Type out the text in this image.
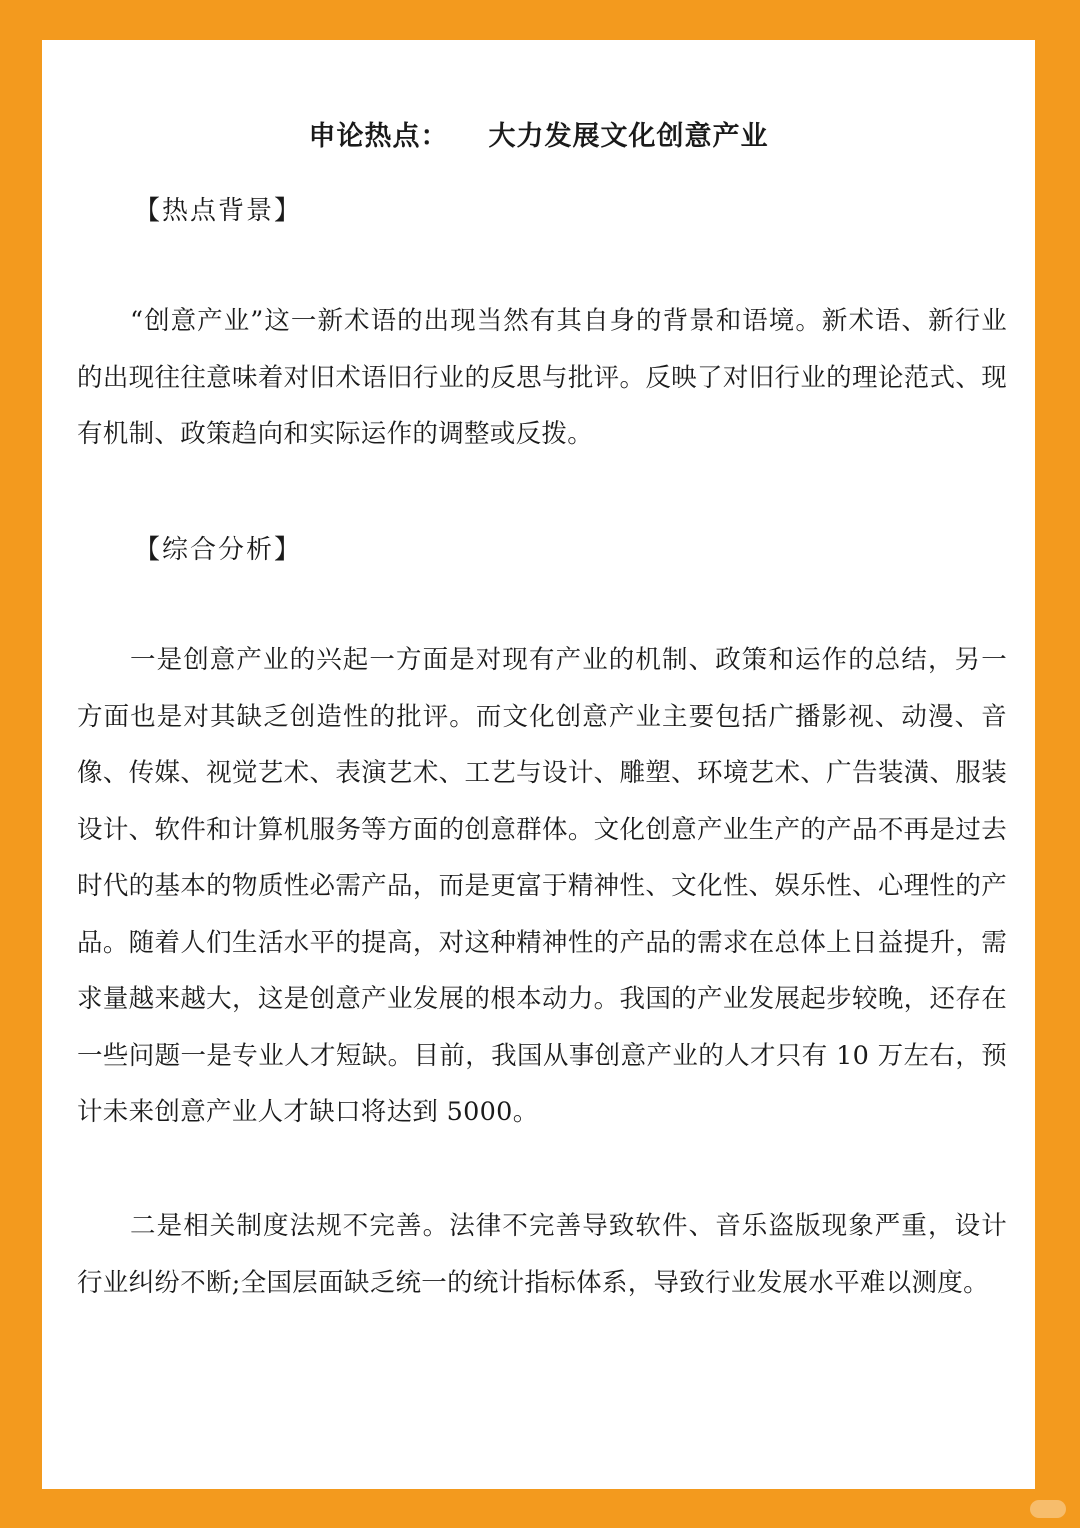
申论热点： 大力发展文化创意产业
【热点背景】
“创意产业”这一新术语的出现当然有其自身的背景和语境。新术语、新行业的出现往往意味着对旧术语旧行业的反思与批评。反映了对旧行业的理论范式、现有机制、政策趋向和实际运作的调整或反拨。
【综合分析】
一是创意产业的兴起一方面是对现有产业的机制、政策和运作的总结，另一方面也是对其缺乏创造性的批评。而文化创意产业主要包括广播影视、动漫、音像、传媒、视觉艺术、表演艺术、工艺与设计、雕塑、环境艺术、广告装潢、服装设计、软件和计算机服务等方面的创意群体。文化创意产业生产的产品不再是过去时代的基本的物质性必需产品，而是更富于精神性、文化性、娱乐性、心理性的产品。随着人们生活水平的提高，对这种精神性的产品的需求在总体上日益提升，需求量越来越大，这是创意产业发展的根本动力。我国的产业发展起步较晚，还存在一些问题一是专业人才短缺。目前，我国从事创意产业的人才只有 10 万左右，预计未来创意产业人才缺口将达到 5000。
二是相关制度法规不完善。法律不完善导致软件、音乐盗版现象严重，设计行业纠纷不断;全国层面缺乏统一的统计指标体系，导致行业发展水平难以测度。
